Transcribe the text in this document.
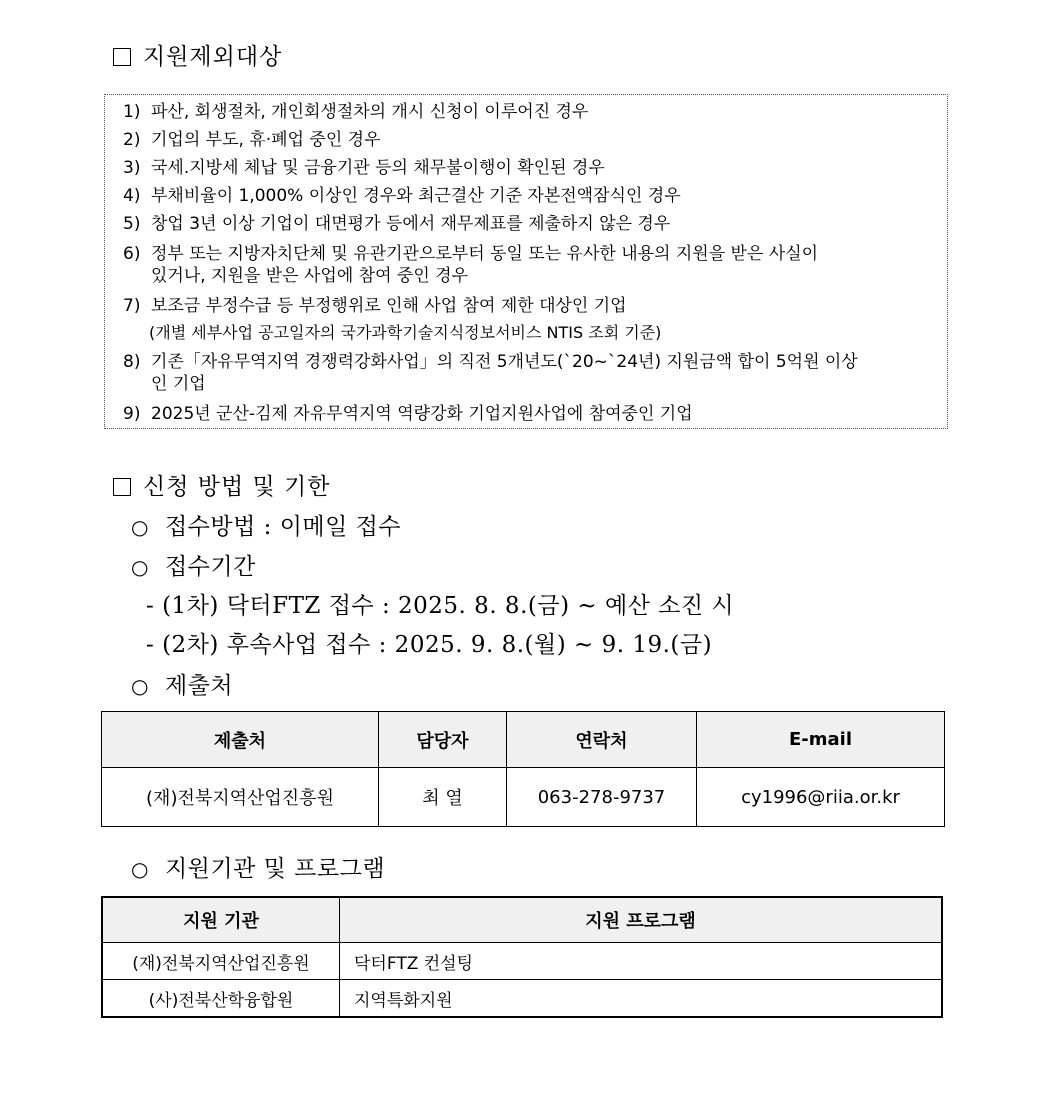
지원제외대상
1) 파산, 회생절차, 개인회생절차의 개시 신청이 이루어진 경우
2) 기업의 부도, 휴·폐업 중인 경우
3) 국세.지방세 체납 및 금융기관 등의 채무불이행이 확인된 경우
4) 부채비율이 1,000% 이상인 경우와 최근결산 기준 자본전액잠식인 경우
5) 창업 3년 이상 기업이 대면평가 등에서 재무제표를 제출하지 않은 경우
6) 정부 또는 지방자치단체 및 유관기관으로부터 동일 또는 유사한 내용의 지원을 받은 사실이
있거나, 지원을 받은 사업에 참여 중인 경우
7) 보조금 부정수급 등 부정행위로 인해 사업 참여 제한 대상인 기업
(개별 세부사업 공고일자의 국가과학기술지식정보서비스 NTIS 조회 기준)
8) 기존「자유무역지역 경쟁력강화사업」의 직전 5개년도(`20~`24년) 지원금액 합이 5억원 이상
인 기업
9) 2025년 군산-김제 자유무역지역 역량강화 기업지원사업에 참여중인 기업
신청 방법 및 기한
○ 접수방법 : 이메일 접수
○ 접수기간
- (1차) 닥터FTZ 접수 : 2025. 8. 8.(금) ~ 예산 소진 시
- (2차) 후속사업 접수 : 2025. 9. 8.(월) ~ 9. 19.(금)
○ 제출처
제출처	담당자	연락처	E-mail
(재)전북지역산업진흥원	최 열	063-278-9737	cy1996@riia.or.kr
○ 지원기관 및 프로그램
지원 기관	지원 프로그램
(재)전북지역산업진흥원	닥터FTZ 컨설팅
(사)전북산학융합원	지역특화지원
